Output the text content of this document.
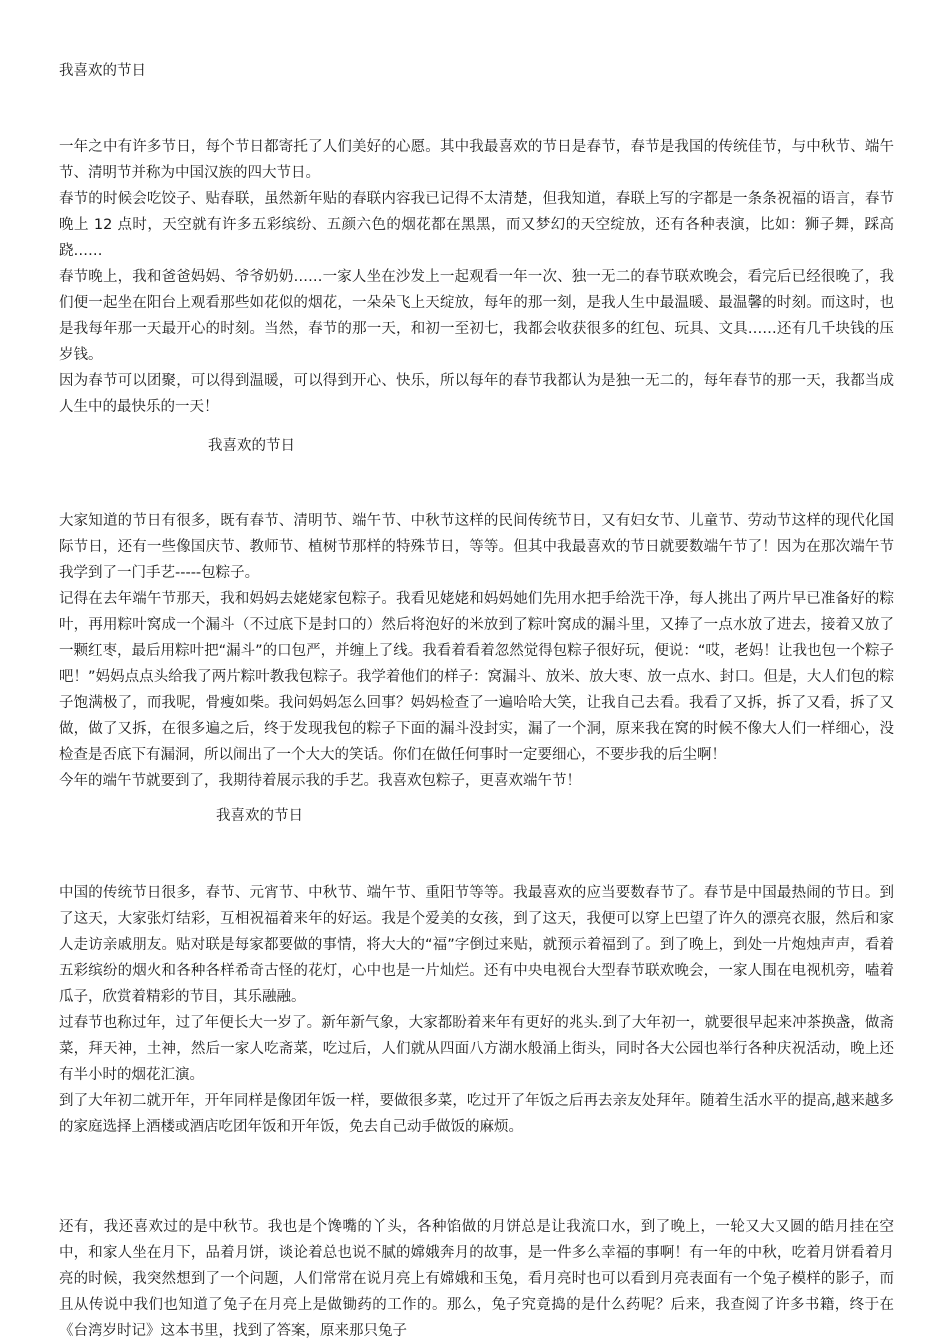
我喜欢的节日

一年之中有许多节日，每个节日都寄托了人们美好的心愿。其中我最喜欢的节日是春节，春节是我国的传统佳节，与中秋节、端午节、清明节并称为中国汉族的四大节日。

春节的时候会吃饺子、贴春联，虽然新年贴的春联内容我已记得不太清楚，但我知道，春联上写的字都是一条条祝福的语言，春节晚上 12 点时，天空就有许多五彩缤纷、五颜六色的烟花都在黑黑，而又梦幻的天空绽放，还有各种表演，比如：狮子舞，踩高跷……

春节晚上，我和爸爸妈妈、爷爷奶奶……一家人坐在沙发上一起观看一年一次、独一无二的春节联欢晚会，看完后已经很晚了，我们便一起坐在阳台上观看那些如花似的烟花，一朵朵飞上天绽放，每年的那一刻，是我人生中最温暖、最温馨的时刻。而这时，也是我每年那一天最开心的时刻。当然，春节的那一天，和初一至初七，我都会收获很多的红包、玩具、文具……还有几千块钱的压岁钱。

因为春节可以团聚，可以得到温暖，可以得到开心、快乐，所以每年的春节我都认为是独一无二的，每年春节的那一天，我都当成人生中的最快乐的一天！

我喜欢的节日

大家知道的节日有很多，既有春节、清明节、端午节、中秋节这样的民间传统节日，又有妇女节、儿童节、劳动节这样的现代化国际节日，还有一些像国庆节、教师节、植树节那样的特殊节日，等等。但其中我最喜欢的节日就要数端午节了！因为在那次端午节我学到了一门手艺-----包粽子。

记得在去年端午节那天，我和妈妈去姥姥家包粽子。我看见姥姥和妈妈她们先用水把手给洗干净，每人挑出了两片早已准备好的粽叶，再用粽叶窝成一个漏斗（不过底下是封口的）然后将泡好的米放到了粽叶窝成的漏斗里，又捧了一点水放了进去，接着又放了一颗红枣，最后用粽叶把“漏斗”的口包严，并缠上了线。我看着看着忽然觉得包粽子很好玩，便说：“哎，老妈！让我也包一个粽子吧！”妈妈点点头给我了两片粽叶教我包粽子。我学着他们的样子：窝漏斗、放米、放大枣、放一点水、封口。但是，大人们包的粽子饱满极了，而我呢，骨瘦如柴。我问妈妈怎么回事？妈妈检查了一遍哈哈大笑，让我自己去看。我看了又拆，拆了又看，拆了又做，做了又拆，在很多遍之后，终于发现我包的粽子下面的漏斗没封实，漏了一个洞，原来我在窝的时候不像大人们一样细心，没检查是否底下有漏洞，所以闹出了一个大大的笑话。你们在做任何事时一定要细心，不要步我的后尘啊！

今年的端午节就要到了，我期待着展示我的手艺。我喜欢包粽子，更喜欢端午节！

我喜欢的节日

中国的传统节日很多，春节、元宵节、中秋节、端午节、重阳节等等。我最喜欢的应当要数春节了。春节是中国最热闹的节日。到了这天，大家张灯结彩，互相祝福着来年的好运。我是个爱美的女孩，到了这天，我便可以穿上巴望了许久的漂亮衣服，然后和家人走访亲戚朋友。贴对联是每家都要做的事情，将大大的“福”字倒过来贴，就预示着福到了。到了晚上，到处一片炮烛声声，看着五彩缤纷的烟火和各种各样希奇古怪的花灯，心中也是一片灿烂。还有中央电视台大型春节联欢晚会，一家人围在电视机旁，嗑着瓜子，欣赏着精彩的节目，其乐融融。

过春节也称过年，过了年便长大一岁了。新年新气象，大家都盼着来年有更好的兆头.到了大年初一，就要很早起来冲茶换盏，做斋菜，拜天神，土神，然后一家人吃斋菜，吃过后，人们就从四面八方湖水般涌上街头，同时各大公园也举行各种庆祝活动，晚上还有半小时的烟花汇演。

到了大年初二就开年，开年同样是像团年饭一样，要做很多菜，吃过开了年饭之后再去亲友处拜年。随着生活水平的提高,越来越多的家庭选择上酒楼或酒店吃团年饭和开年饭，免去自己动手做饭的麻烦。

还有，我还喜欢过的是中秋节。我也是个馋嘴的丫头，各种馅做的月饼总是让我流口水，到了晚上，一轮又大又圆的皓月挂在空中，和家人坐在月下，品着月饼，谈论着总也说不腻的嫦娥奔月的故事，是一件多么幸福的事啊！有一年的中秋，吃着月饼看着月亮的时候，我突然想到了一个问题，人们常常在说月亮上有嫦娥和玉兔，看月亮时也可以看到月亮表面有一个兔子模样的影子，而且从传说中我们也知道了兔子在月亮上是做锄药的工作的。那么，兔子究竟捣的是什么药呢？后来，我查阅了许多书籍，终于在《台湾岁时记》这本书里，找到了答案，原来那只兔子
